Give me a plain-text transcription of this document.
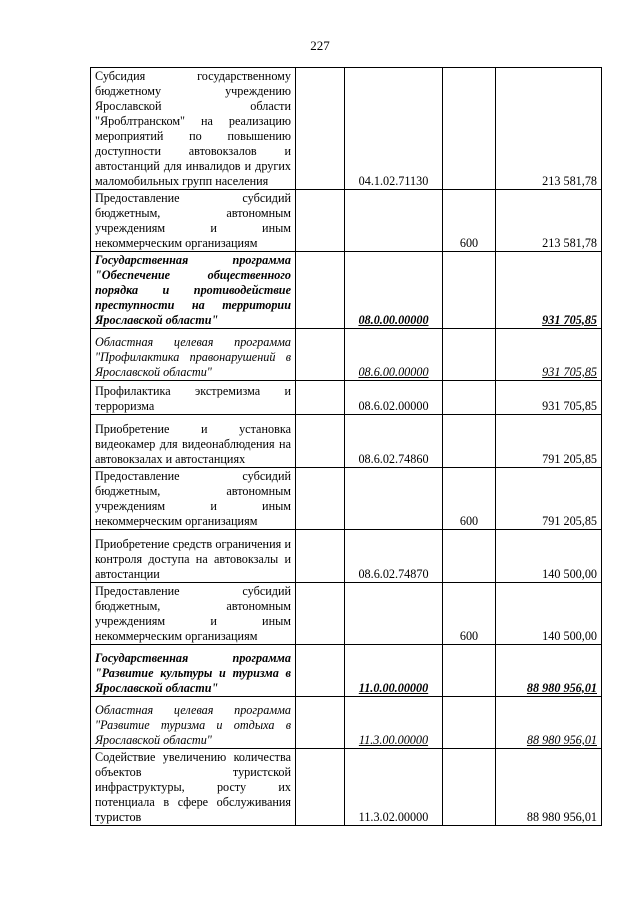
227
Субсидия государственному бюджетному учреждению Ярославской области "Яроблтранском" на реализацию мероприятий по повышению доступности автовокзалов и автостанций для инвалидов и других маломобильных групп населения		04.1.02.71130		213 581,78
Предоставление субсидий бюджетным, автономным учреждениям и иным некоммерческим организациям			600	213 581,78
Государственная программа "Обеспечение общественного порядка и противодействие преступности на территории Ярославской области"		08.0.00.00000		931 705,85
Областная целевая программа "Профилактика правонарушений в Ярославской области"		08.6.00.00000		931 705,85
Профилактика экстремизма и терроризма		08.6.02.00000		931 705,85
Приобретение и установка видеокамер для видеонаблюдения на автовокзалах и автостанциях		08.6.02.74860		791 205,85
Предоставление субсидий бюджетным, автономным учреждениям и иным некоммерческим организациям			600	791 205,85
Приобретение средств ограничения и контроля доступа на автовокзалы и автостанции		08.6.02.74870		140 500,00
Предоставление субсидий бюджетным, автономным учреждениям и иным некоммерческим организациям			600	140 500,00
Государственная программа "Развитие культуры и туризма в Ярославской области"		11.0.00.00000		88 980 956,01
Областная целевая программа "Развитие туризма и отдыха в Ярославской области"		11.3.00.00000		88 980 956,01
Содействие увеличению количества объектов туристской инфраструктуры, росту их потенциала в сфере обслуживания туристов		11.3.02.00000		88 980 956,01
